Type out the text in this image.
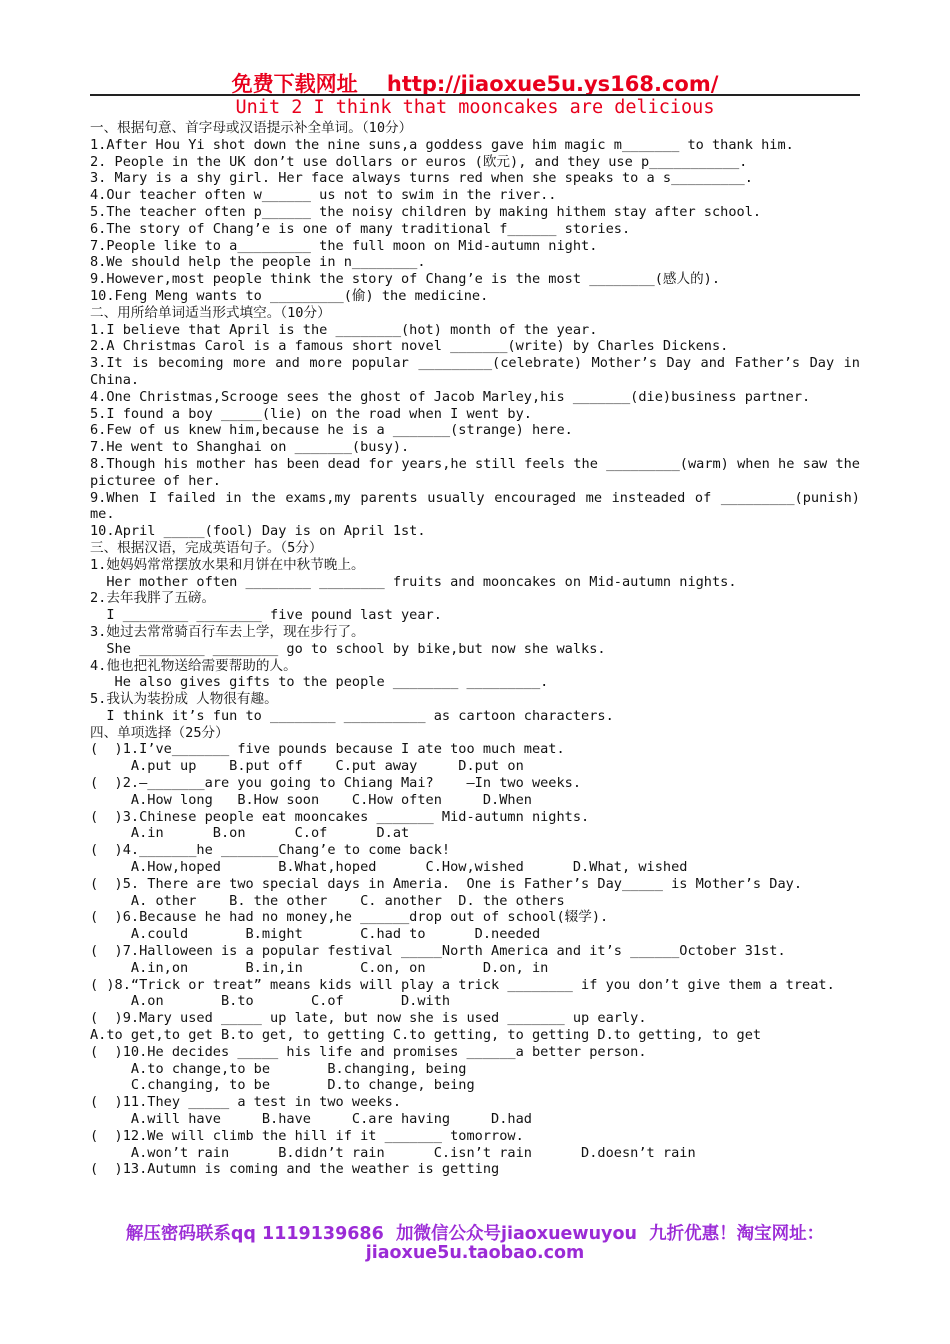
免费下载网址    http://jiaoxue5u.ys168.com/
Unit 2 I think that mooncakes are delicious
一、根据句意、首字母或汉语提示补全单词。（10分）
1.After Hou Yi shot down the nine suns,a goddess gave him magic m_______ to thank him.
2. People in the UK don’t use dollars or euros (欧元), and they use p___________.
3. Mary is a shy girl. Her face always turns red when she speaks to a s_________.
4.Our teacher often w______ us not to swim in the river..
5.The teacher often p______ the noisy children by making hithem stay after school.
6.The story of Chang’e is one of many traditional f______ stories.
7.People like to a_________ the full moon on Mid-autumn night.
8.We should help the people in n________.
9.However,most people think the story of Chang’e is the most ________(感人的).
10.Feng Meng wants to _________(偷) the medicine.
二、用所给单词适当形式填空。（10分）
1.I believe that April is the ________(hot) month of the year.
2.A Christmas Carol is a famous short novel _______(write) by Charles Dickens.
3.It is becoming more and more popular _________(celebrate) Mother’s Day and Father’s Day in China.
4.One Christmas,Scrooge sees the ghost of Jacob Marley,his _______(die)business partner.
5.I found a boy _____(lie) on the road when I went by.
6.Few of us knew him,because he is a _______(strange) here.
7.He went to Shanghai on _______(busy).
8.Though his mother has been dead for years,he still feels the _________(warm) when he saw the picturee of her.
9.When I failed in the exams,my parents usually encouraged me insteaded of _________(punish) me.
10.April _____(fool) Day is on April 1st.
三、根据汉语，完成英语句子。（5分）
1.她妈妈常常摆放水果和月饼在中秋节晚上。
Her mother often ________ ________ fruits and mooncakes on Mid-autumn nights.
2.去年我胖了五磅。
I ________ ________ five pound last year.
3.她过去常常骑百行车去上学，现在步行了。
She ________ ________ go to school by bike,but now she walks.
4.他也把礼物送给需要帮助的人。
He also gives gifts to the people ________ _________.
5.我认为装扮成 人物很有趣。
I think it’s fun to ________ __________ as cartoon characters.
四、单项选择（25分）
(  )1.I’ve_______ five pounds because I ate too much meat.
A.put up    B.put off    C.put away     D.put on
(  )2.—_______are you going to Chiang Mai?    —In two weeks.
A.How long   B.How soon    C.How often     D.When
(  )3.Chinese people eat mooncakes _______ Mid-autumn nights.
A.in      B.on      C.of      D.at
(  )4._______he _______Chang’e to come back!
A.How,hoped       B.What,hoped      C.How,wished      D.What, wished
(  )5. There are two special days in Ameria.  One is Father’s Day_____ is Mother’s Day.
A. other    B. the other    C. another  D. the others
(  )6.Because he had no money,he ______drop out of school(辍学).
A.could       B.might       C.had to      D.needed
(  )7.Halloween is a popular festival _____North America and it’s ______October 31st.
A.in,on       B.in,in       C.on, on       D.on, in
( )8.“Trick or treat” means kids will play a trick ________ if you don’t give them a treat.
A.on       B.to       C.of       D.with
(  )9.Mary used _____ up late, but now she is used _______ up early.
A.to get,to get B.to get, to getting C.to getting, to getting D.to getting, to get
(  )10.He decides _____ his life and promises ______a better person.
A.to change,to be       B.changing, being
C.changing, to be       D.to change, being
(  )11.They _____ a test in two weeks.
A.will have     B.have     C.are having     D.had
(  )12.We will climb the hill if it _______ tomorrow.
A.won’t rain      B.didn’t rain      C.isn’t rain      D.doesn’t rain
(  )13.Autumn is coming and the weather is getting
解压密码联系qq 1119139686  加微信公众号jiaoxuewuyou  九折优惠！淘宝网址：
jiaoxue5u.taobao.com
